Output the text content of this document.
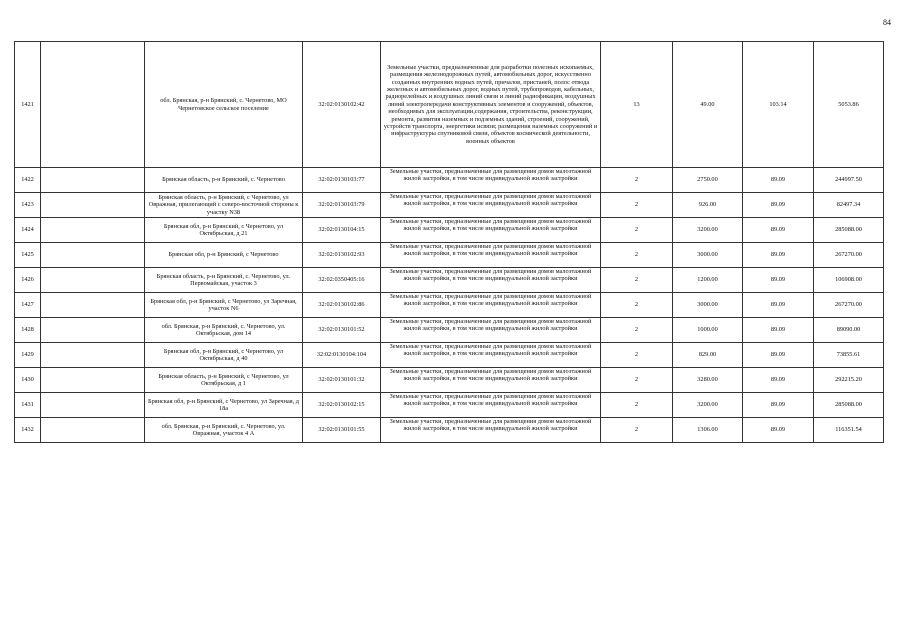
84
1421		обл. Брянская, р-н Брянский, с. Чернетово, МО Чернетовское сельское поселение	32:02:0130102:42	Земельные участки, предназначенные для разработки полезных ископаемых, размещения железнодорожных путей, автомобильных дорог, искусственно созданных внутренних водных путей, причалов, пристаней, полос отвода железных и автомобильных дорог, водных путей, трубопроводов, кабельных, радиорелейных и воздушных линий связи и линий радиофикации, воздушных линий электропередачи конструктивных элементов и сооружений, объектов, необходимых для эксплуатации,содержания, строительства, реконструкции, ремонта, развития наземных и подземных зданий, строений, сооружений, устройств транспорта, энергетики исвязи; размещения наземных сооружений и инфраструктуры спутниковой связи, объектов космической деятельности, военных объектов	13	49.00	103.14	5053.86
1422		Брянская область, р-н Брянский, с. Чернетово	32:02:0130103:77	Земельные участки, предназначенные для размещения домов малоэтажной жилой застройки, в том числе индивидуальной жилой застройки	2	2750.00	89.09	244997.50
1423		Брянская область, р-н Брянский, с Чернетово, ул Овражная, прилегающий с северо-восточной стороны к участку N38	32:02:0130103:79	Земельные участки, предназначенные для размещения домов малоэтажной жилой застройки, в том числе индивидуальной жилой застройки	2	926.00	89.09	82497.34
1424		Брянская обл, р-н Брянский, с Чернетово, ул Октябрьская, д 21	32:02:0130104:15	Земельные участки, предназначенные для размещения домов малоэтажной жилой застройки, в том числе индивидуальной жилой застройки	2	3200.00	89.09	285088.00
1425		Брянская обл, р-н Брянский, с Чернетово	32:02:0130102:93	Земельные участки, предназначенные для размещения домов малоэтажной жилой застройки, в том числе индивидуальной жилой застройки	2	3000.00	89.09	267270.00
1426		Брянская область, р-н Брянский, с. Чернетово, ул. Первомайская, участок 3	32:02:0350405:16	Земельные участки, предназначенные для размещения домов малоэтажной жилой застройки, в том числе индивидуальной жилой застройки	2	1200.00	89.09	106908.00
1427		Брянская обл, р-н Брянский, с Чернетово, ул Заречная, участок N6	32:02:0130102:86	Земельные участки, предназначенные для размещения домов малоэтажной жилой застройки, в том числе индивидуальной жилой застройки	2	3000.00	89.09	267270.00
1428		обл. Брянская, р-н Брянский, с. Чернетово, ул. Октябрьская, дом 14	32:02:0130101:52	Земельные участки, предназначенные для размещения домов малоэтажной жилой застройки, в том числе индивидуальной жилой застройки	2	1000.00	89.09	89090.00
1429		Брянская обл, р-н Брянский, с Чернетово, ул Октябрьская, д 40	32:02:0130104:104	Земельные участки, предназначенные для размещения домов малоэтажной жилой застройки, в том числе индивидуальной жилой застройки	2	829.00	89.09	73855.61
1430		Брянская область, р-н Брянский, с Чернетово, ул Октябрьская, д 1	32:02:0130101:32	Земельные участки, предназначенные для размещения домов малоэтажной жилой застройки, в том числе индивидуальной жилой застройки	2	3280.00	89.09	292215.20
1431		Брянская обл, р-н Брянский, с Чернетово, ул Заречная, д 18а	32:02:0130102:15	Земельные участки, предназначенные для размещения домов малоэтажной жилой застройки, в том числе индивидуальной жилой застройки	2	3200.00	89.09	285088.00
1432		обл. Брянская, р-н Брянский, с. Чернетово, ул. Овражная, участок 4 А	32:02:0130101:55	Земельные участки, предназначенные для размещения домов малоэтажной жилой застройки, в том числе индивидуальной жилой застройки	2	1306.00	89.09	116351.54
